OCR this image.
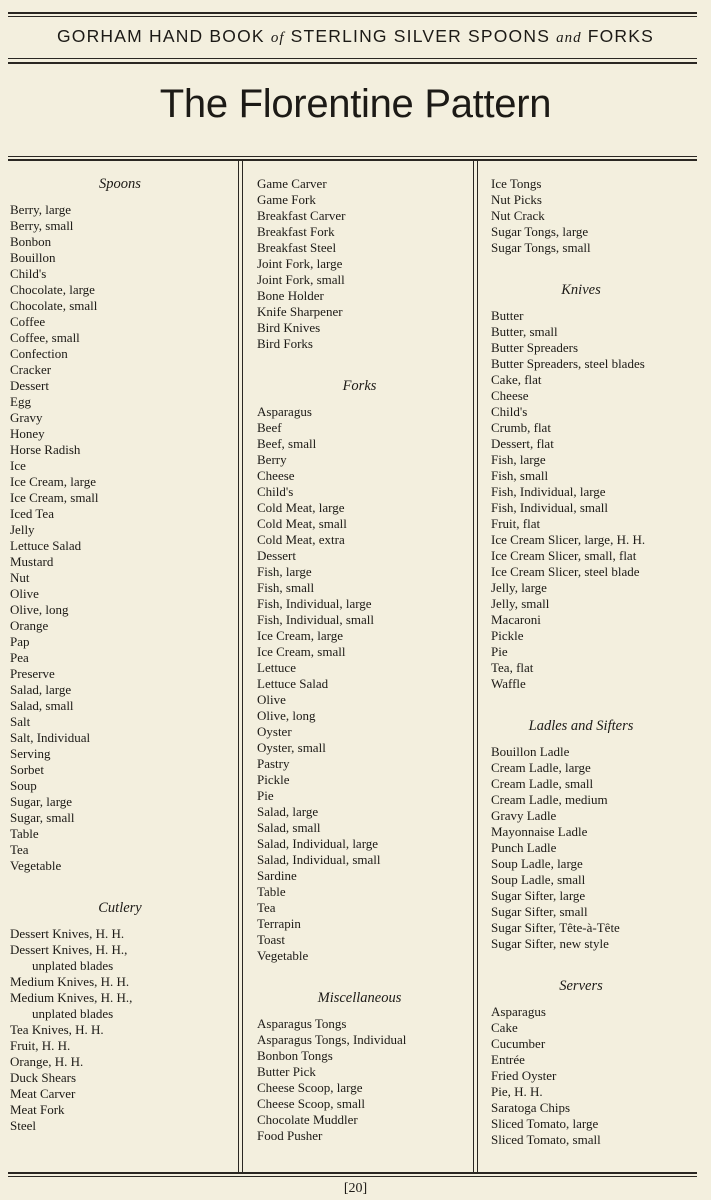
GORHAM HAND BOOK of STERLING SILVER SPOONS and FORKS
The Florentine Pattern
Spoons
Berry, large
Berry, small
Bonbon
Bouillon
Child's
Chocolate, large
Chocolate, small
Coffee
Coffee, small
Confection
Cracker
Dessert
Egg
Gravy
Honey
Horse Radish
Ice
Ice Cream, large
Ice Cream, small
Iced Tea
Jelly
Lettuce Salad
Mustard
Nut
Olive
Olive, long
Orange
Pap
Pea
Preserve
Salad, large
Salad, small
Salt
Salt, Individual
Serving
Sorbet
Soup
Sugar, large
Sugar, small
Table
Tea
Vegetable
Cutlery
Dessert Knives, H. H.
Dessert Knives, H. H.,
unplated blades
Medium Knives, H. H.
Medium Knives, H. H.,
unplated blades
Tea Knives, H. H.
Fruit, H. H.
Orange, H. H.
Duck Shears
Meat Carver
Meat Fork
Steel
Game Carver
Game Fork
Breakfast Carver
Breakfast Fork
Breakfast Steel
Joint Fork, large
Joint Fork, small
Bone Holder
Knife Sharpener
Bird Knives
Bird Forks
Forks
Asparagus
Beef
Beef, small
Berry
Cheese
Child's
Cold Meat, large
Cold Meat, small
Cold Meat, extra
Dessert
Fish, large
Fish, small
Fish, Individual, large
Fish, Individual, small
Ice Cream, large
Ice Cream, small
Lettuce
Lettuce Salad
Olive
Olive, long
Oyster
Oyster, small
Pastry
Pickle
Pie
Salad, large
Salad, small
Salad, Individual, large
Salad, Individual, small
Sardine
Table
Tea
Terrapin
Toast
Vegetable
Miscellaneous
Asparagus Tongs
Asparagus Tongs, Individual
Bonbon Tongs
Butter Pick
Cheese Scoop, large
Cheese Scoop, small
Chocolate Muddler
Food Pusher
Ice Tongs
Nut Picks
Nut Crack
Sugar Tongs, large
Sugar Tongs, small
Knives
Butter
Butter, small
Butter Spreaders
Butter Spreaders, steel blades
Cake, flat
Cheese
Child's
Crumb, flat
Dessert, flat
Fish, large
Fish, small
Fish, Individual, large
Fish, Individual, small
Fruit, flat
Ice Cream Slicer, large, H. H.
Ice Cream Slicer, small, flat
Ice Cream Slicer, steel blade
Jelly, large
Jelly, small
Macaroni
Pickle
Pie
Tea, flat
Waffle
Ladles and Sifters
Bouillon Ladle
Cream Ladle, large
Cream Ladle, small
Cream Ladle, medium
Gravy Ladle
Mayonnaise Ladle
Punch Ladle
Soup Ladle, large
Soup Ladle, small
Sugar Sifter, large
Sugar Sifter, small
Sugar Sifter, Tête-à-Tête
Sugar Sifter, new style
Servers
Asparagus
Cake
Cucumber
Entrée
Fried Oyster
Pie, H. H.
Saratoga Chips
Sliced Tomato, large
Sliced Tomato, small
[20]
